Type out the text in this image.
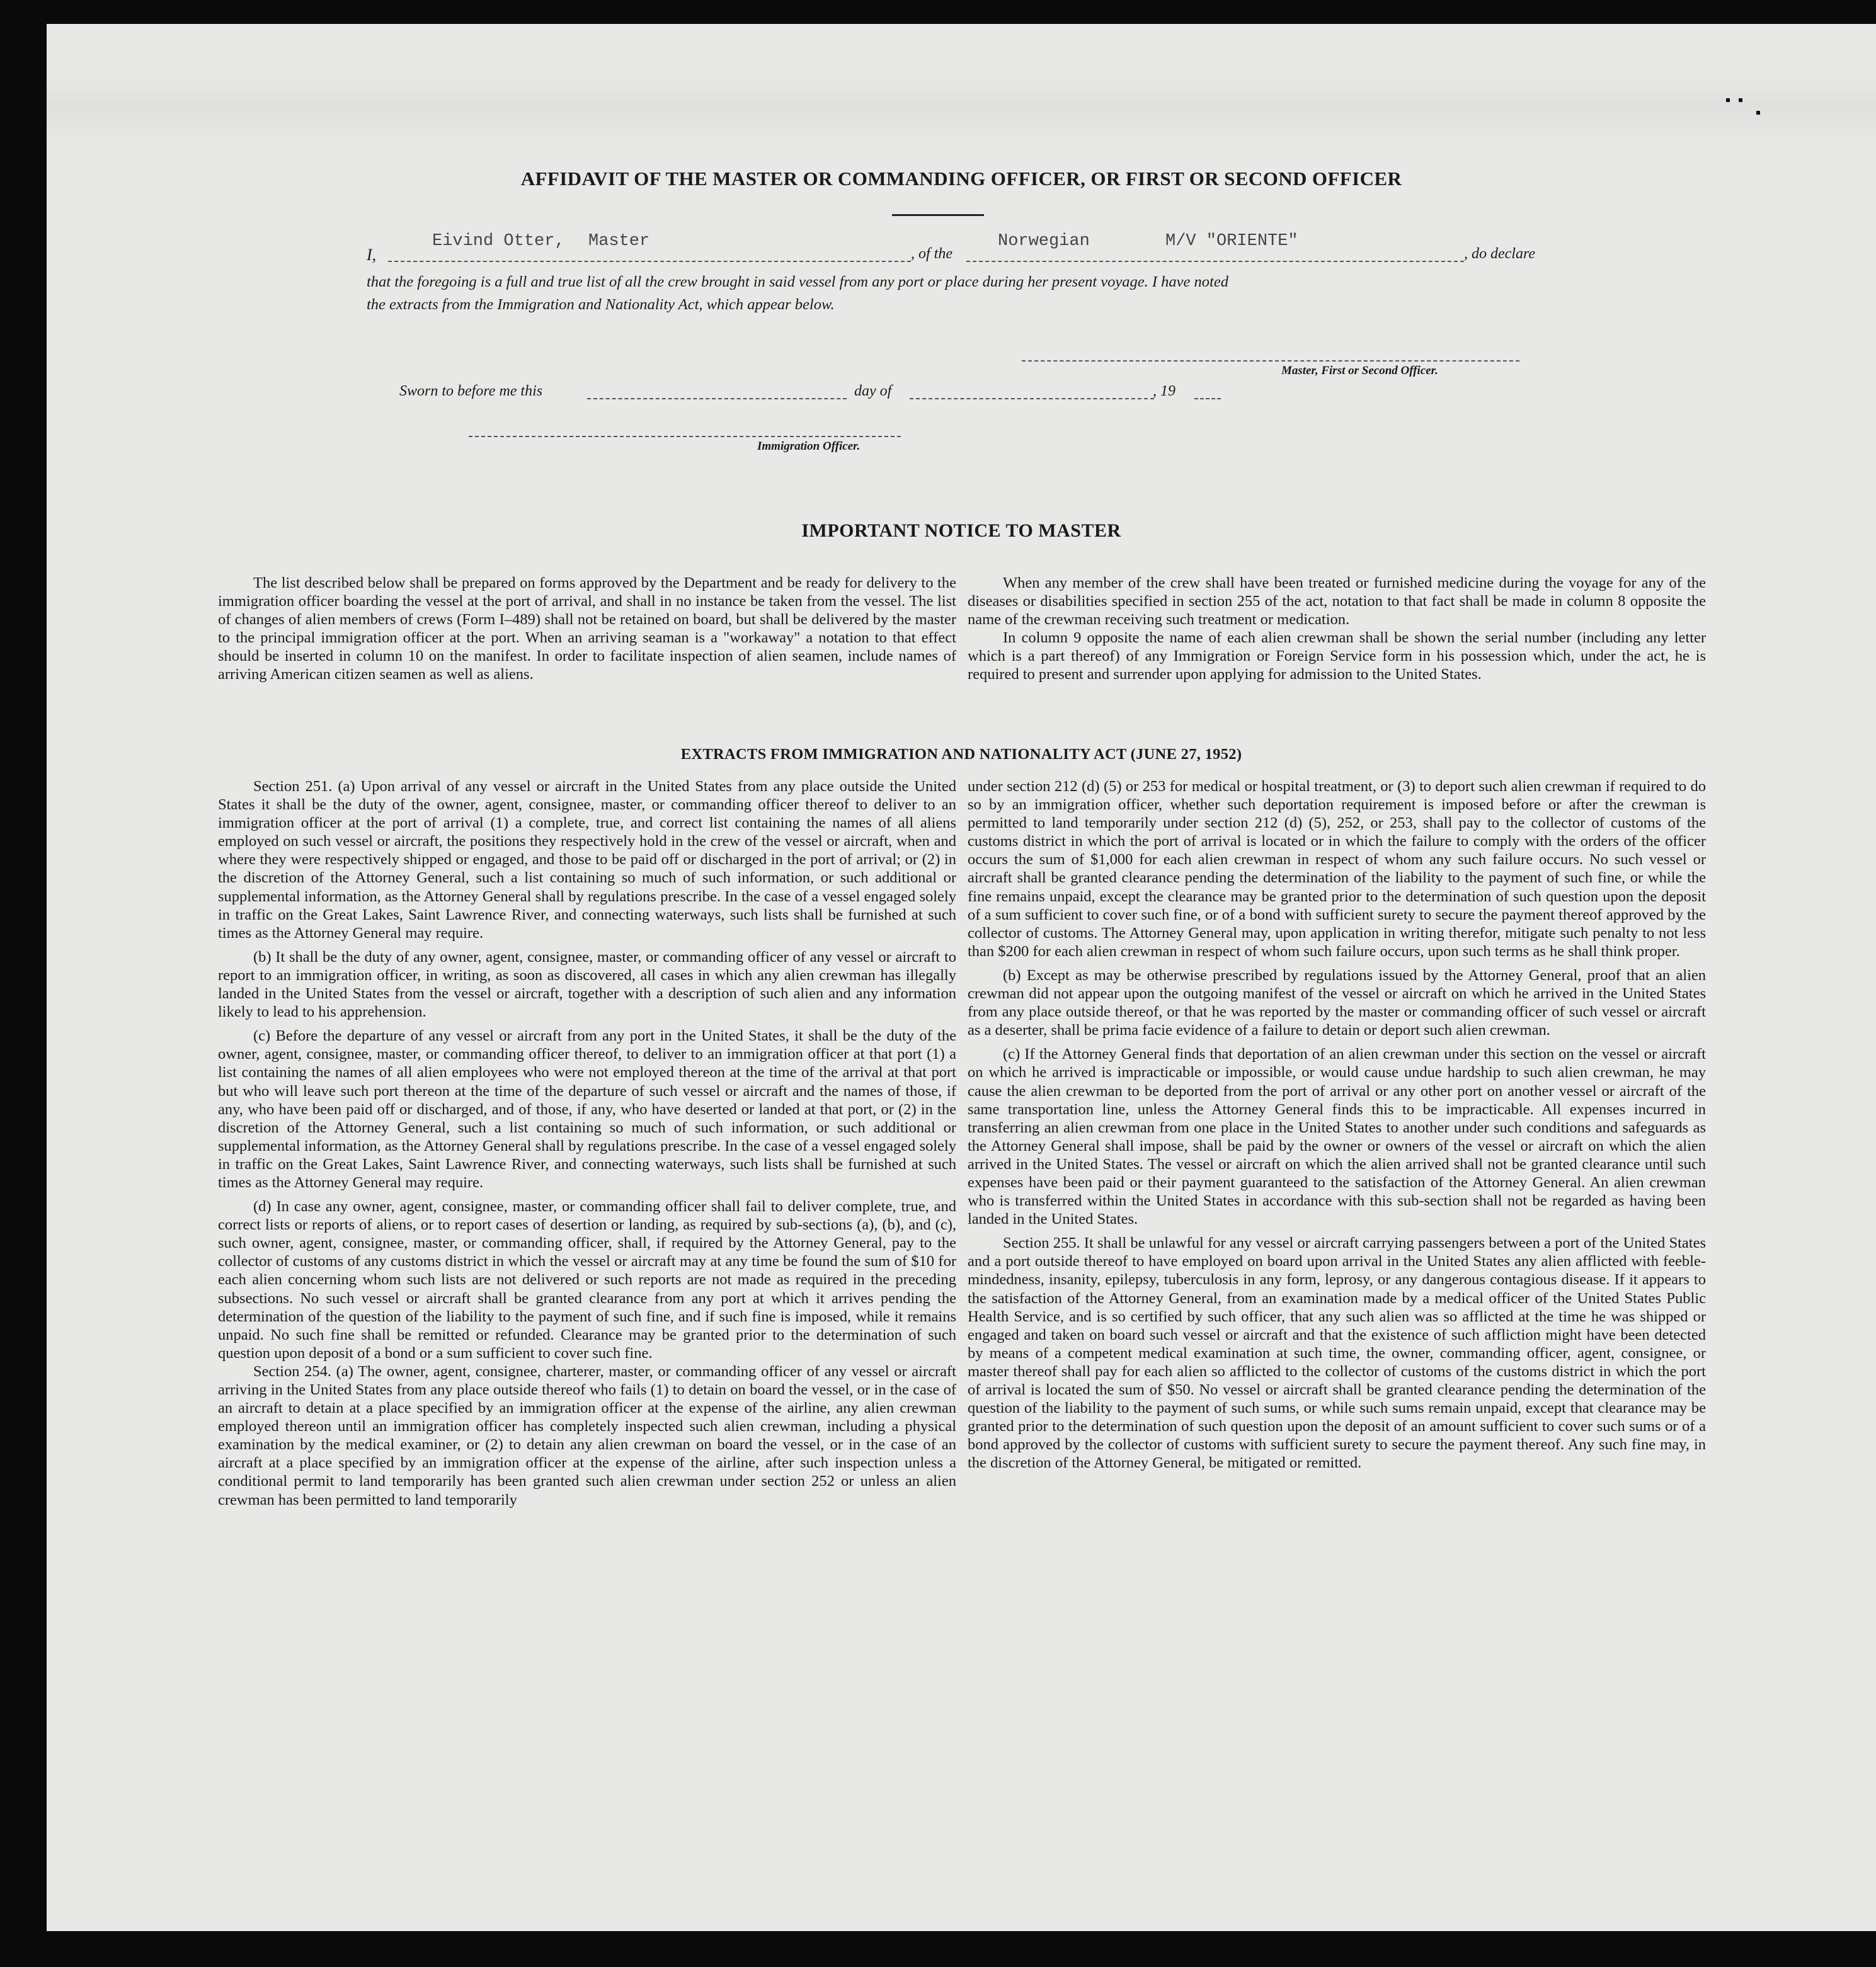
AFFIDAVIT OF THE MASTER OR COMMANDING OFFICER, OR FIRST OR SECOND OFFICER
I,
Eivind Otter, Master
, of the
Norwegian	M/V "ORIENTE"
, do declare
that the foregoing is a full and true list of all the crew brought in said vessel from any port or place during her present voyage. I have noted
the extracts from the Immigration and Nationality Act, which appear below.
Master, First or Second Officer.
Sworn to before me this	day of	, 19
Immigration Officer.
IMPORTANT NOTICE TO MASTER

The list described below shall be prepared on forms approved by the Department and be ready for delivery to the immigration officer boarding the vessel at the port of arrival, and shall in no instance be taken from the vessel. The list of changes of alien members of crews (Form I–489) shall not be retained on board, but shall be delivered by the master to the principal immigration officer at the port. When an arriving seaman is a "workaway" a notation to that effect should be inserted in column 10 on the manifest. In order to facilitate inspection of alien seamen, include names of arriving American citizen seamen as well as aliens.

When any member of the crew shall have been treated or furnished medicine during the voyage for any of the diseases or disabilities specified in section 255 of the act, notation to that fact shall be made in column 8 opposite the name of the crewman receiving such treatment or medication.

In column 9 opposite the name of each alien crewman shall be shown the serial number (including any letter which is a part thereof) of any Immigration or Foreign Service form in his possession which, under the act, he is required to present and surrender upon applying for admission to the United States.

EXTRACTS FROM IMMIGRATION AND NATIONALITY ACT (JUNE 27, 1952)

Section 251. (a) Upon arrival of any vessel or aircraft in the United States from any place outside the United States it shall be the duty of the owner, agent, consignee, master, or commanding officer thereof to deliver to an immigration officer at the port of arrival (1) a complete, true, and correct list containing the names of all aliens employed on such vessel or aircraft, the positions they respectively hold in the crew of the vessel or aircraft, when and where they were respectively shipped or engaged, and those to be paid off or discharged in the port of arrival; or (2) in the discretion of the Attorney General, such a list containing so much of such information, or such additional or supplemental information, as the Attorney General shall by regulations prescribe. In the case of a vessel engaged solely in traffic on the Great Lakes, Saint Lawrence River, and connecting waterways, such lists shall be furnished at such times as the Attorney General may require.

(b) It shall be the duty of any owner, agent, consignee, master, or commanding officer of any vessel or aircraft to report to an immigration officer, in writing, as soon as discovered, all cases in which any alien crewman has illegally landed in the United States from the vessel or aircraft, together with a description of such alien and any information likely to lead to his apprehension.

(c) Before the departure of any vessel or aircraft from any port in the United States, it shall be the duty of the owner, agent, consignee, master, or commanding officer thereof, to deliver to an immigration officer at that port (1) a list containing the names of all alien employees who were not employed thereon at the time of the arrival at that port but who will leave such port thereon at the time of the departure of such vessel or aircraft and the names of those, if any, who have been paid off or discharged, and of those, if any, who have deserted or landed at that port, or (2) in the discretion of the Attorney General, such a list containing so much of such information, or such additional or supplemental information, as the Attorney General shall by regulations prescribe. In the case of a vessel engaged solely in traffic on the Great Lakes, Saint Lawrence River, and connecting waterways, such lists shall be furnished at such times as the Attorney General may require.

(d) In case any owner, agent, consignee, master, or commanding officer shall fail to deliver complete, true, and correct lists or reports of aliens, or to report cases of desertion or landing, as required by sub-sections (a), (b), and (c), such owner, agent, consignee, master, or commanding officer, shall, if required by the Attorney General, pay to the collector of customs of any customs district in which the vessel or aircraft may at any time be found the sum of $10 for each alien concerning whom such lists are not delivered or such reports are not made as required in the preceding subsections. No such vessel or aircraft shall be granted clearance from any port at which it arrives pending the determination of the question of the liability to the payment of such fine, and if such fine is imposed, while it remains unpaid. No such fine shall be remitted or refunded. Clearance may be granted prior to the determination of such question upon deposit of a bond or a sum sufficient to cover such fine.

Section 254. (a) The owner, agent, consignee, charterer, master, or commanding officer of any vessel or aircraft arriving in the United States from any place outside thereof who fails (1) to detain on board the vessel, or in the case of an aircraft to detain at a place specified by an immigration officer at the expense of the airline, any alien crewman employed thereon until an immigration officer has completely inspected such alien crewman, including a physical examination by the medical examiner, or (2) to detain any alien crewman on board the vessel, or in the case of an aircraft at a place specified by an immigration officer at the expense of the airline, after such inspection unless a conditional permit to land temporarily has been granted such alien crewman under section 252 or unless an alien crewman has been permitted to land temporarily

under section 212 (d) (5) or 253 for medical or hospital treatment, or (3) to deport such alien crewman if required to do so by an immigration officer, whether such deportation requirement is imposed before or after the crewman is permitted to land temporarily under section 212 (d) (5), 252, or 253, shall pay to the collector of customs of the customs district in which the port of arrival is located or in which the failure to comply with the orders of the officer occurs the sum of $1,000 for each alien crewman in respect of whom any such failure occurs. No such vessel or aircraft shall be granted clearance pending the determination of the liability to the payment of such fine, or while the fine remains unpaid, except the clearance may be granted prior to the determination of such question upon the deposit of a sum sufficient to cover such fine, or of a bond with sufficient surety to secure the payment thereof approved by the collector of customs. The Attorney General may, upon application in writing therefor, mitigate such penalty to not less than $200 for each alien crewman in respect of whom such failure occurs, upon such terms as he shall think proper.

(b) Except as may be otherwise prescribed by regulations issued by the Attorney General, proof that an alien crewman did not appear upon the outgoing manifest of the vessel or aircraft on which he arrived in the United States from any place outside thereof, or that he was reported by the master or commanding officer of such vessel or aircraft as a deserter, shall be prima facie evidence of a failure to detain or deport such alien crewman.

(c) If the Attorney General finds that deportation of an alien crewman under this section on the vessel or aircraft on which he arrived is impracticable or impossible, or would cause undue hardship to such alien crewman, he may cause the alien crewman to be deported from the port of arrival or any other port on another vessel or aircraft of the same transportation line, unless the Attorney General finds this to be impracticable. All expenses incurred in transferring an alien crewman from one place in the United States to another under such conditions and safeguards as the Attorney General shall impose, shall be paid by the owner or owners of the vessel or aircraft on which the alien arrived in the United States. The vessel or aircraft on which the alien arrived shall not be granted clearance until such expenses have been paid or their payment guaranteed to the satisfaction of the Attorney General. An alien crewman who is transferred within the United States in accordance with this sub-section shall not be regarded as having been landed in the United States.

Section 255. It shall be unlawful for any vessel or aircraft carrying passengers between a port of the United States and a port outside thereof to have employed on board upon arrival in the United States any alien afflicted with feeble-mindedness, insanity, epilepsy, tuberculosis in any form, leprosy, or any dangerous contagious disease. If it appears to the satisfaction of the Attorney General, from an examination made by a medical officer of the United States Public Health Service, and is so certified by such officer, that any such alien was so afflicted at the time he was shipped or engaged and taken on board such vessel or aircraft and that the existence of such affliction might have been detected by means of a competent medical examination at such time, the owner, commanding officer, agent, consignee, or master thereof shall pay for each alien so afflicted to the collector of customs of the customs district in which the port of arrival is located the sum of $50. No vessel or aircraft shall be granted clearance pending the determination of the question of the liability to the payment of such sums, or while such sums remain unpaid, except that clearance may be granted prior to the determination of such question upon the deposit of an amount sufficient to cover such sums or of a bond approved by the collector of customs with sufficient surety to secure the payment thereof. Any such fine may, in the discretion of the Attorney General, be mitigated or remitted.
